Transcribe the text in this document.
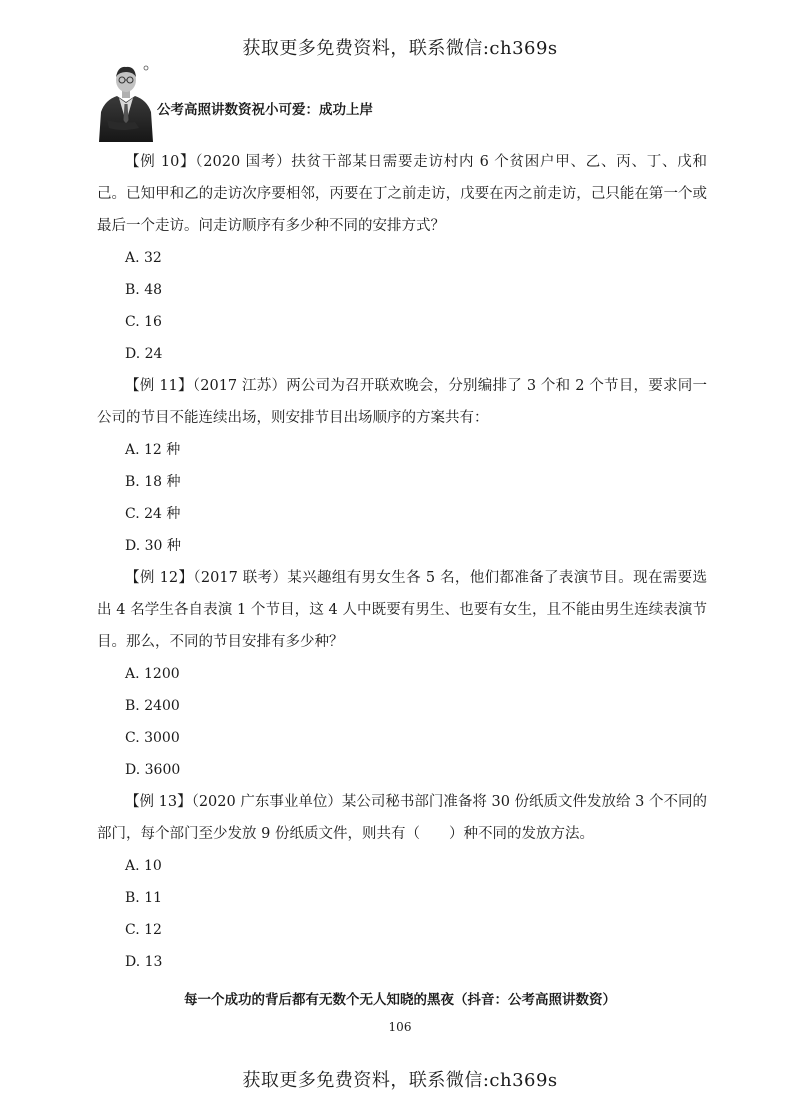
获取更多免费资料，联系微信:ch369s
公考高照讲数资祝小可爱：成功上岸

【例 10】（2020 国考）扶贫干部某日需要走访村内 6 个贫困户甲、乙、丙、丁、戊和己。已知甲和乙的走访次序要相邻，丙要在丁之前走访，戊要在丙之前走访，己只能在第一个或最后一个走访。问走访顺序有多少种不同的安排方式？

A. 32

B. 48

C. 16

D. 24

【例 11】（2017 江苏）两公司为召开联欢晚会，分别编排了 3 个和 2 个节目，要求同一公司的节目不能连续出场，则安排节目出场顺序的方案共有：

A. 12 种

B. 18 种

C. 24 种

D. 30 种

【例 12】（2017 联考）某兴趣组有男女生各 5 名，他们都准备了表演节目。现在需要选出 4 名学生各自表演 1 个节目，这 4 人中既要有男生、也要有女生，且不能由男生连续表演节目。那么，不同的节目安排有多少种？

A. 1200

B. 2400

C. 3000

D. 3600

【例 13】（2020 广东事业单位）某公司秘书部门准备将 30 份纸质文件发放给 3 个不同的部门，每个部门至少发放 9 份纸质文件，则共有（　　）种不同的发放方法。

A. 10

B. 11

C. 12

D. 13

每一个成功的背后都有无数个无人知晓的黑夜（抖音：公考高照讲数资）
106
获取更多免费资料，联系微信:ch369s
